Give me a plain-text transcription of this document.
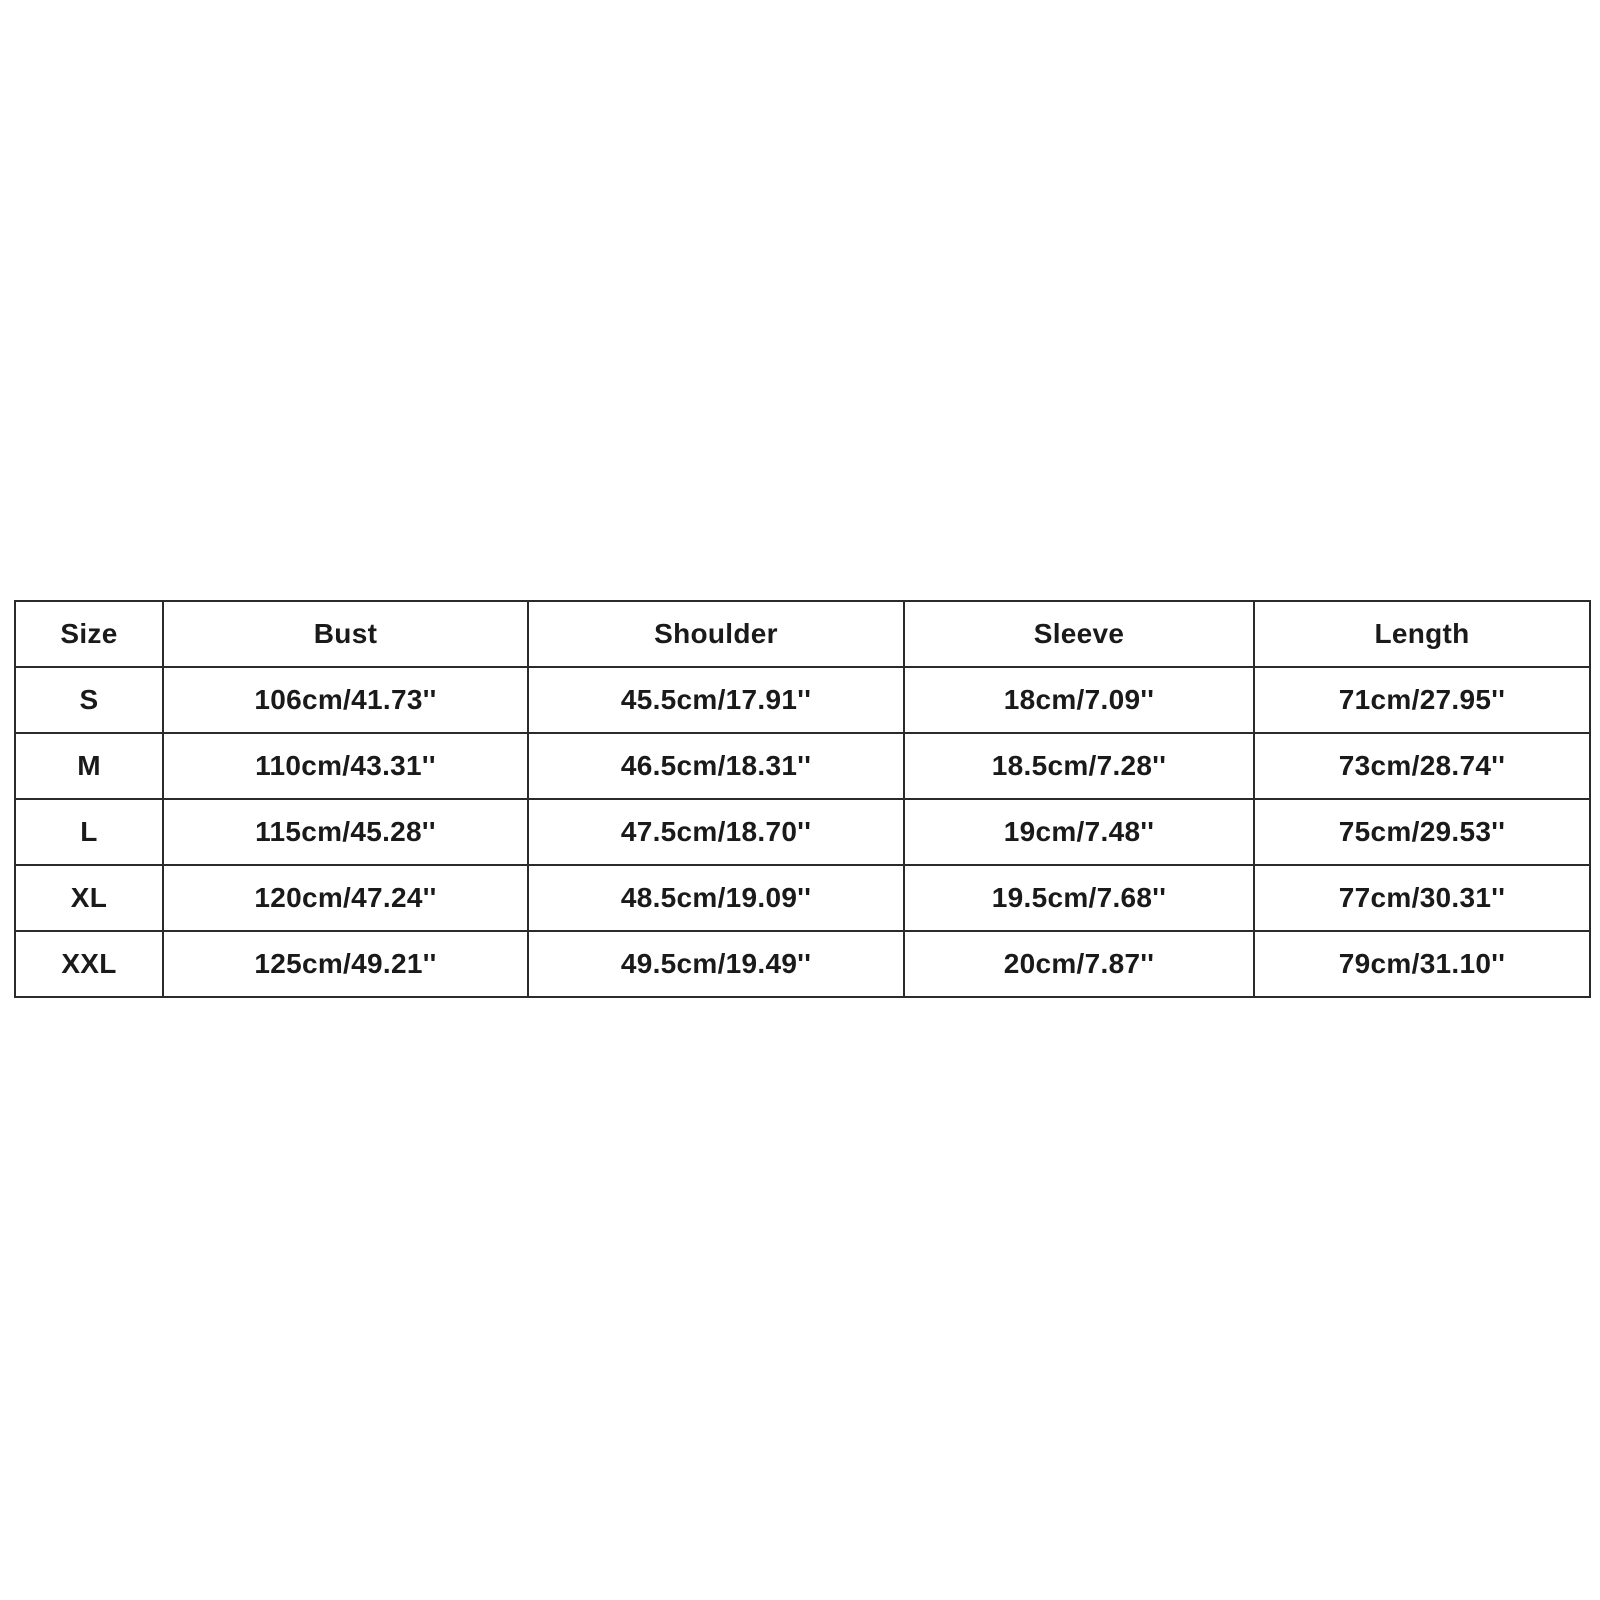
Size	Bust	Shoulder	Sleeve	Length
S	106cm/41.73''	45.5cm/17.91''	18cm/7.09''	71cm/27.95''
M	110cm/43.31''	46.5cm/18.31''	18.5cm/7.28''	73cm/28.74''
L	115cm/45.28''	47.5cm/18.70''	19cm/7.48''	75cm/29.53''
XL	120cm/47.24''	48.5cm/19.09''	19.5cm/7.68''	77cm/30.31''
XXL	125cm/49.21''	49.5cm/19.49''	20cm/7.87''	79cm/31.10''
